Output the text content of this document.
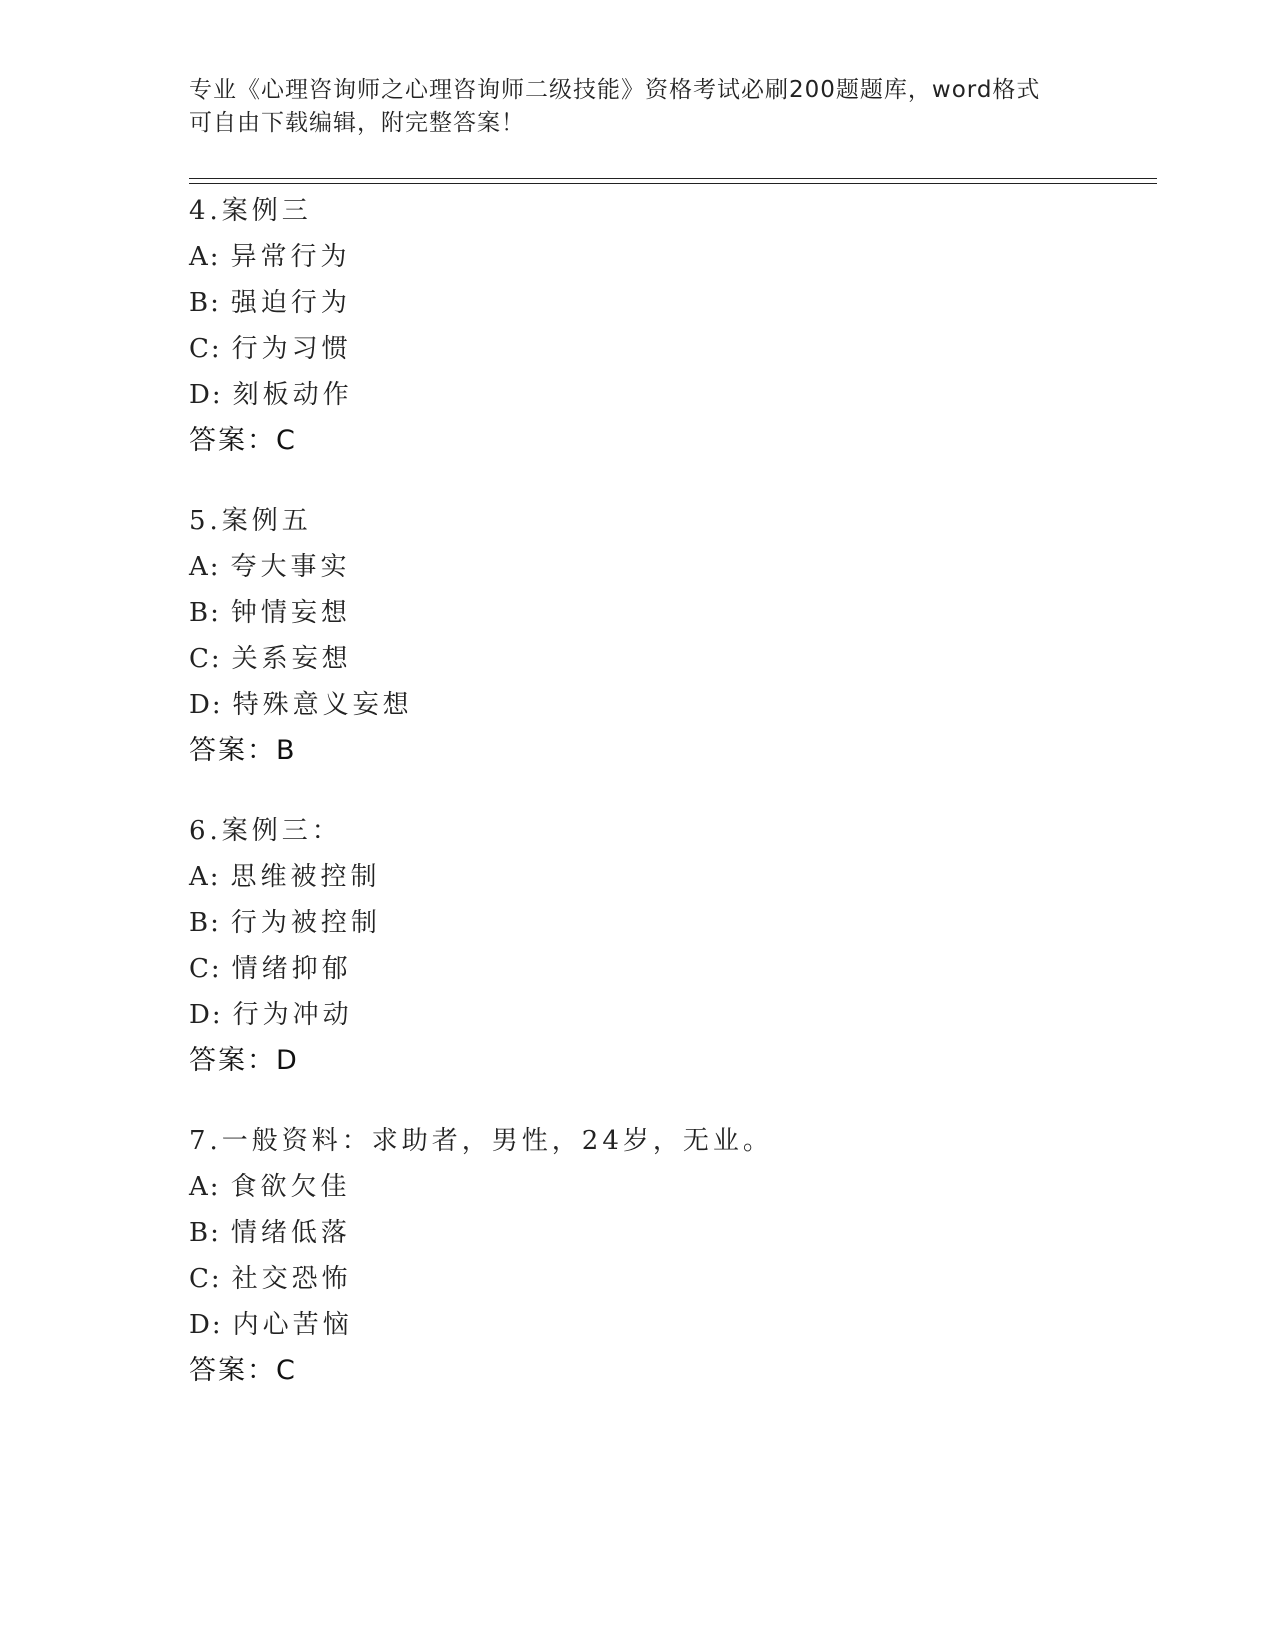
专业《心理咨询师之心理咨询师二级技能》资格考试必刷200题题库，word格式

可自由下载编辑，附完整答案！

4.案例三
A: 异常行为
B: 强迫行为
C: 行为习惯
D: 刻板动作
答案：C
5.案例五
A: 夸大事实
B: 钟情妄想
C: 关系妄想
D: 特殊意义妄想
答案：B
6.案例三：
A: 思维被控制
B: 行为被控制
C: 情绪抑郁
D: 行为冲动
答案：D
7.一般资料：求助者，男性，24岁，无业。
A: 食欲欠佳
B: 情绪低落
C: 社交恐怖
D: 内心苦恼
答案：C
